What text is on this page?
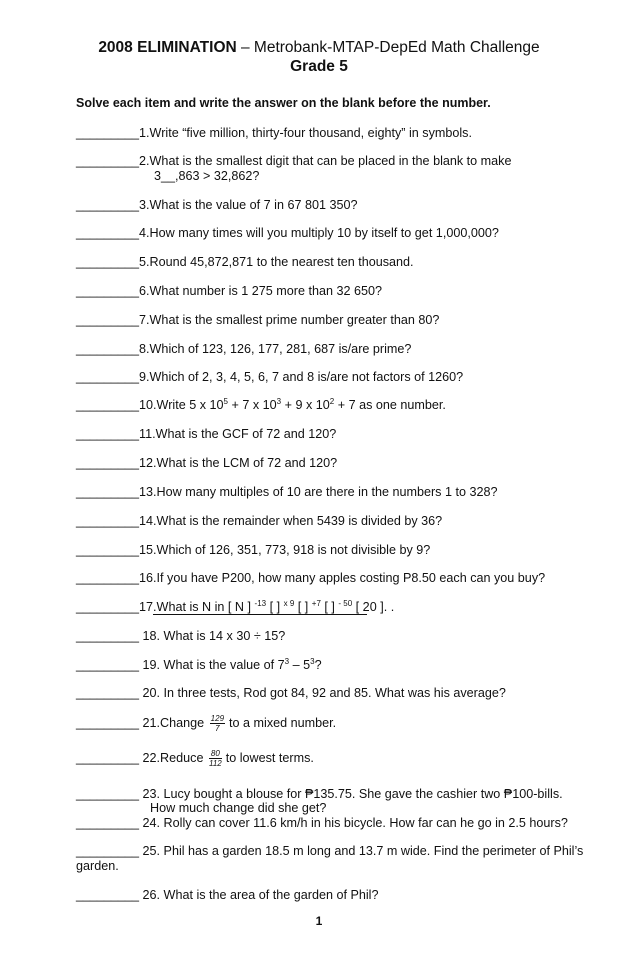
2008 ELIMINATION – Metrobank-MTAP-DepEd Math Challenge
Grade 5
Solve each item and write the answer on the blank before the number.
_________1.Write “five million, thirty-four thousand, eighty” in symbols.
_________2.What is the smallest digit that can be placed in the blank to make
3__,863 > 32,862?
_________3.What is the value of 7 in 67 801 350?
_________4.How many times will you multiply 10 by itself to get 1,000,000?
_________5.Round 45,872,871 to the nearest ten thousand.
_________6.What number is 1 275 more than 32 650?
_________7.What is the smallest prime number greater than 80?
_________8.Which of 123, 126, 177, 281, 687 is/are prime?
_________9.Which of 2, 3, 4, 5, 6, 7 and 8 is/are not factors of 1260?
_________10.Write 5 x $10^5 + 7$ x $10^3 + 9$ x $10^2 + 7$ as one number.
_________11.What is the GCF of 72 and 120?
_________12.What is the LCM of 72 and 120?
_________13.How many multiples of 10 are there in the numbers 1 to 328?
_________14.What is the remainder when 5439 is divided by 36?
_________15.Which of 126, 351, 773, 918 is not divisible by 9?
_________16.If you have P200, how many apples costing P8.50 each can you buy?
_________17.What is N in [ N ] $^{-13}$ [ ] $^{x 9}$ [ ] $^{+7}$ [ ] $^{- 50}$ [ 20 ]. .
_________ 18. What is 14 x 30 ÷ 15?
_________ 19. What is the value of $7^3 - 5^3$?
_________ 20. In three tests, Rod got 84, 92 and 85. What was his average?
_________ 21.Change $\frac{129}{7}$ to a mixed number.
_________ 22.Reduce $\frac{80}{112}$ to lowest terms.
_________ 23. Lucy bought a blouse for ₱135.75. She gave the cashier two ₱100-bills.
How much change did she get?
_________ 24. Rolly can cover 11.6 km/h in his bicycle. How far can he go in 2.5 hours?
_________ 25. Phil has a garden 18.5 m long and 13.7 m wide. Find the perimeter of Phil’s
garden.
_________ 26. What is the area of the garden of Phil?
1
